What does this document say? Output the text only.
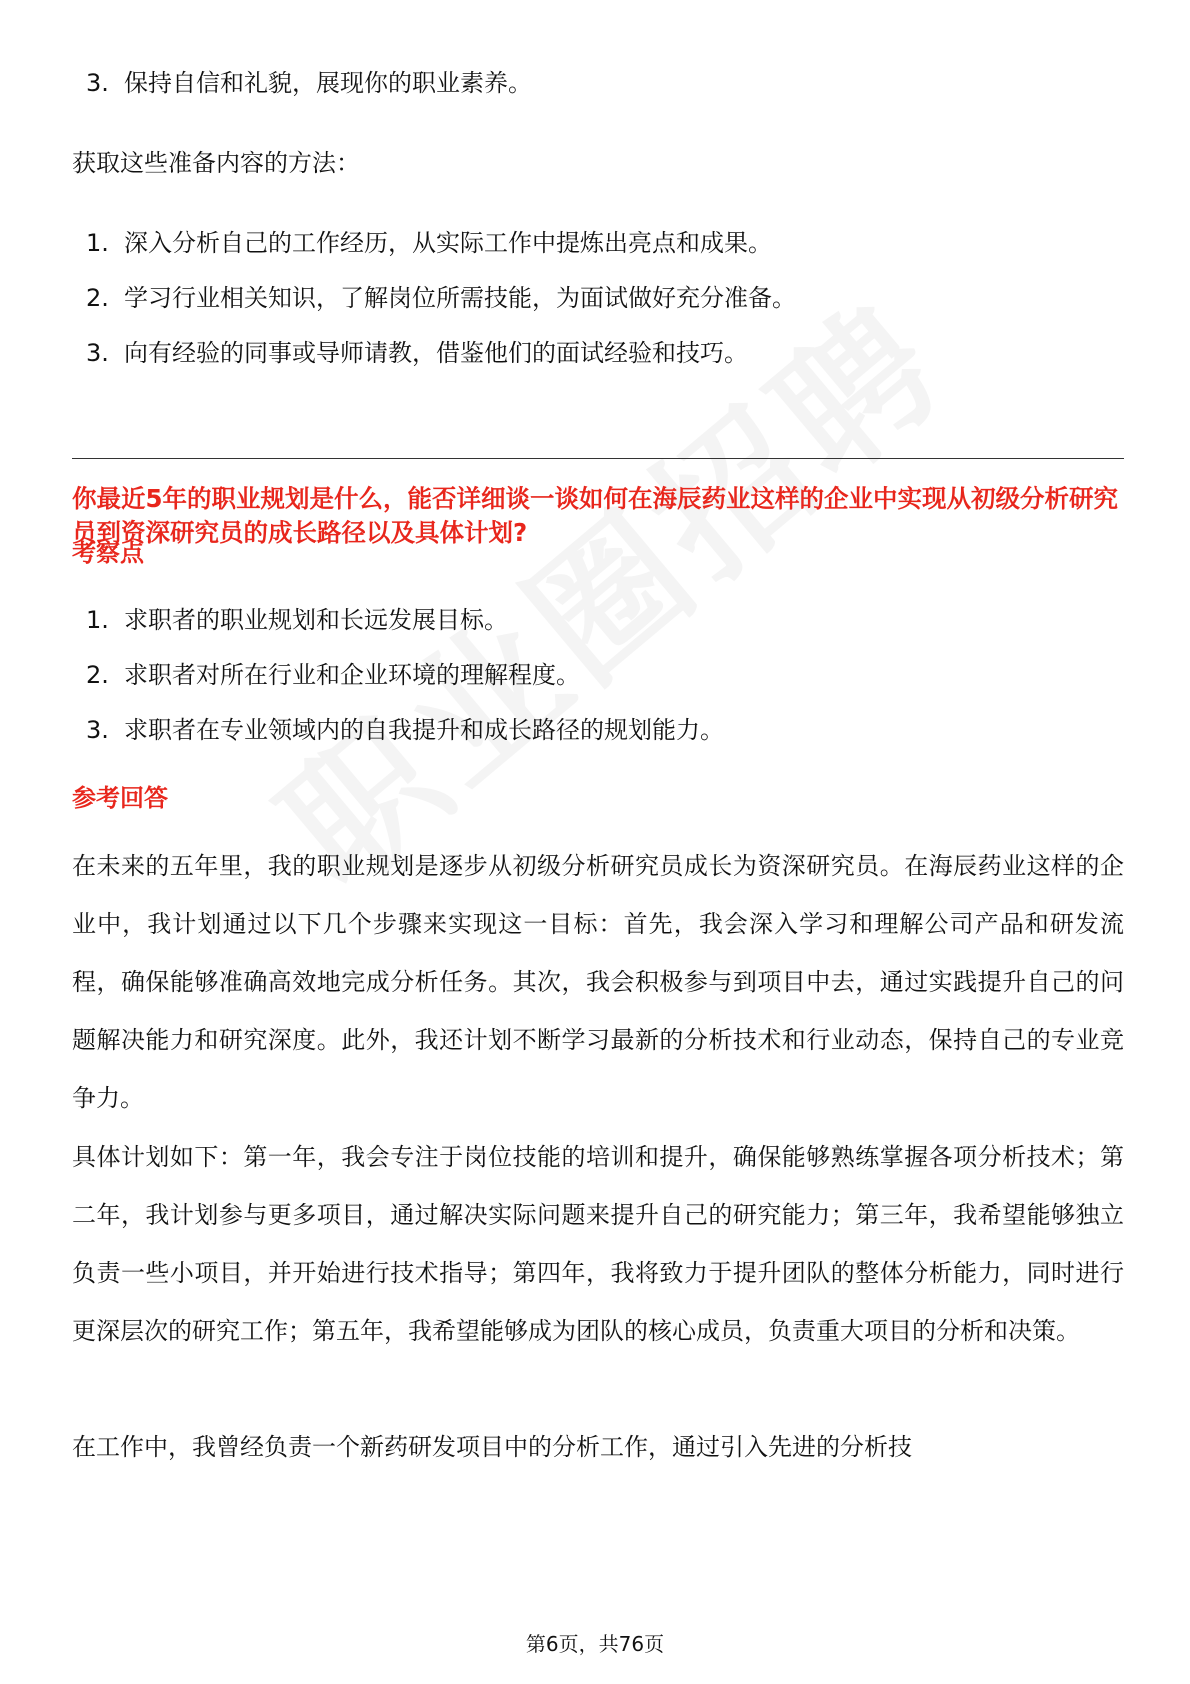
3. 保持自信和礼貌，展现你的职业素养。
获取这些准备内容的方法：
1. 深入分析自己的工作经历，从实际工作中提炼出亮点和成果。
2. 学习行业相关知识，了解岗位所需技能，为面试做好充分准备。
3. 向有经验的同事或导师请教，借鉴他们的面试经验和技巧。
你最近5年的职业规划是什么，能否详细谈一谈如何在海辰药业这样的企业中实现从初级分析研究员到资深研究员的成长路径以及具体计划?
考察点
1. 求职者的职业规划和长远发展目标。
2. 求职者对所在行业和企业环境的理解程度。
3. 求职者在专业领域内的自我提升和成长路径的规划能力。
参考回答
在未来的五年里，我的职业规划是逐步从初级分析研究员成长为资深研究员。在海辰药业这样的企业中，我计划通过以下几个步骤来实现这一目标：首先，我会深入学习和理解公司产品和研发流程，确保能够准确高效地完成分析任务。其次，我会积极参与到项目中去，通过实践提升自己的问题解决能力和研究深度。此外，我还计划不断学习最新的分析技术和行业动态，保持自己的专业竞争力。
具体计划如下：第一年，我会专注于岗位技能的培训和提升，确保能够熟练掌握各项分析技术；第二年，我计划参与更多项目，通过解决实际问题来提升自己的研究能力；第三年，我希望能够独立负责一些小项目，并开始进行技术指导；第四年，我将致力于提升团队的整体分析能力，同时进行更深层次的研究工作；第五年，我希望能够成为团队的核心成员，负责重大项目的分析和决策。
在工作中，我曾经负责一个新药研发项目中的分析工作，通过引入先进的分析技
第6页，共76页
